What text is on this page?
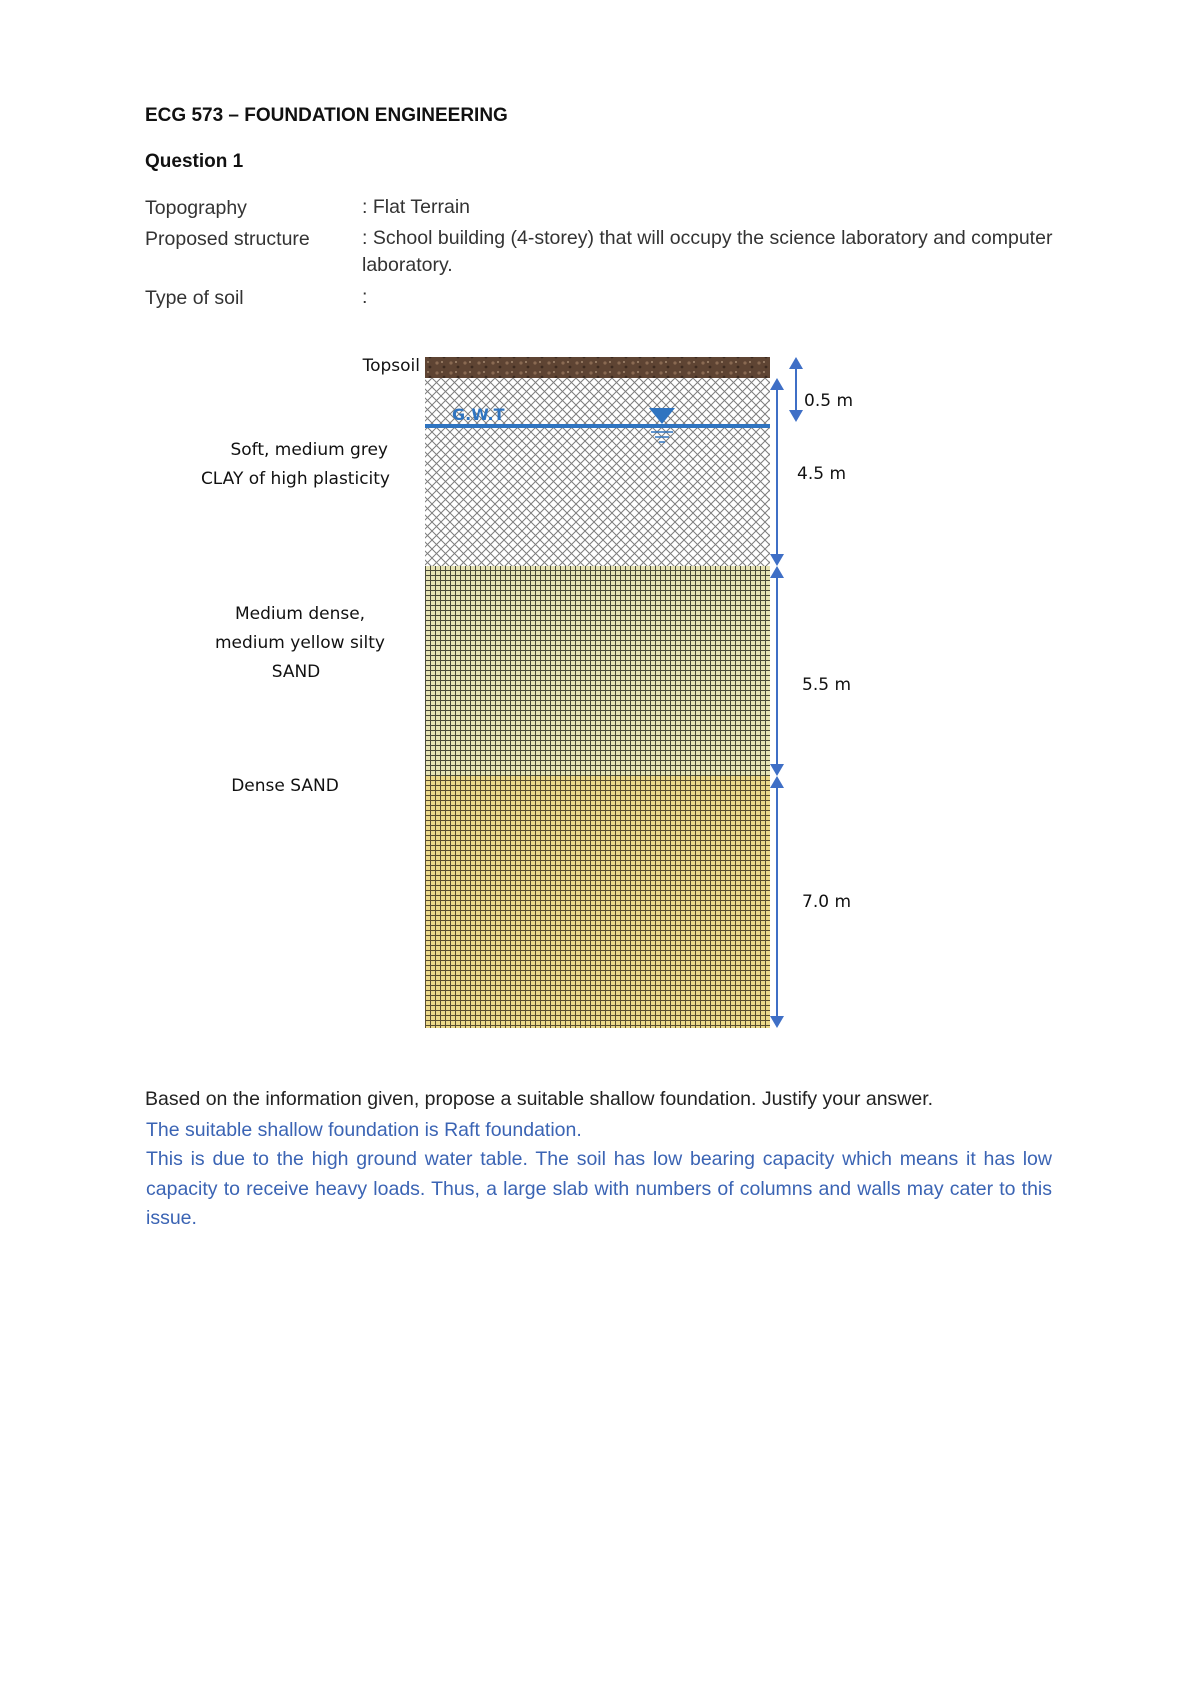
ECG 573 – FOUNDATION ENGINEERING
Question 1
Topography	: Flat Terrain
Proposed structure	: School building (4-storey) that will occupy the science laboratory and computer laboratory.
Type of soil	:
Topsoil
Soft, medium grey
CLAY of high plasticity
Medium dense,
medium yellow silty
SAND
Dense SAND
G.W.T
0.5 m
4.5 m
5.5 m
7.0 m
Based on the information given, propose a suitable shallow foundation. Justify your answer.
The suitable shallow foundation is Raft foundation.
This is due to the high ground water table. The soil has low bearing capacity which means it has low capacity to receive heavy loads. Thus, a large slab with numbers of columns and walls may cater to this issue.
